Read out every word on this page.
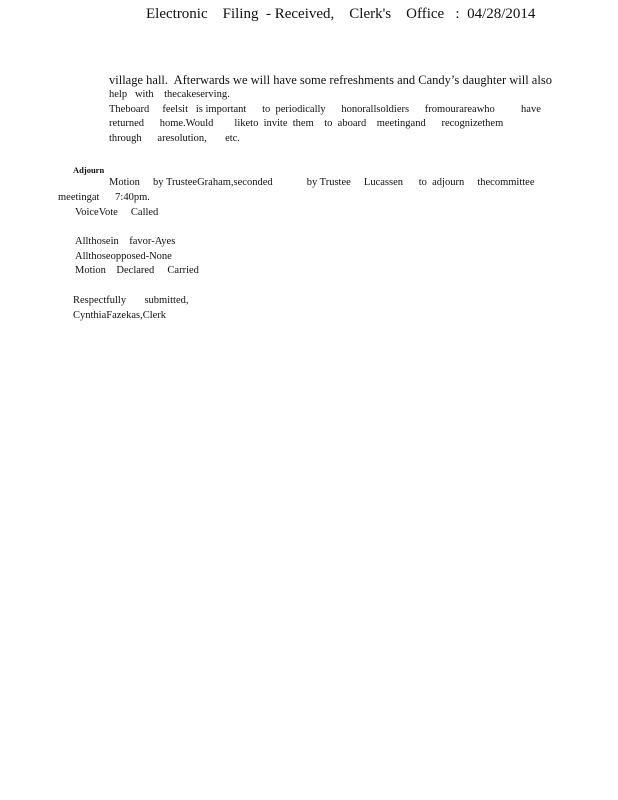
Electronic    Filing  - Received,    Clerk's    Office   :  04/28/2014
village hall.  Afterwards we will have some refreshments and Candy’s daughter will also
help   with    thecakeserving.
Theboard     feelsit   is important      to  periodically      honorallsoldiers      fromourareawho          have
returned      home.Would        liketo  invite  them    to  aboard    meetingand      recognizethem
through      aresolution,       etc.
Adjourn
Motion     by TrusteeGraham,seconded             by Trustee     Lucassen      to  adjourn     thecommittee
meetingat      7:40pm.
VoiceVote     Called
Allthosein    favor-Ayes
Allthoseopposed-None
Motion    Declared     Carried
Respectfully       submitted,
CynthiaFazekas,Clerk
